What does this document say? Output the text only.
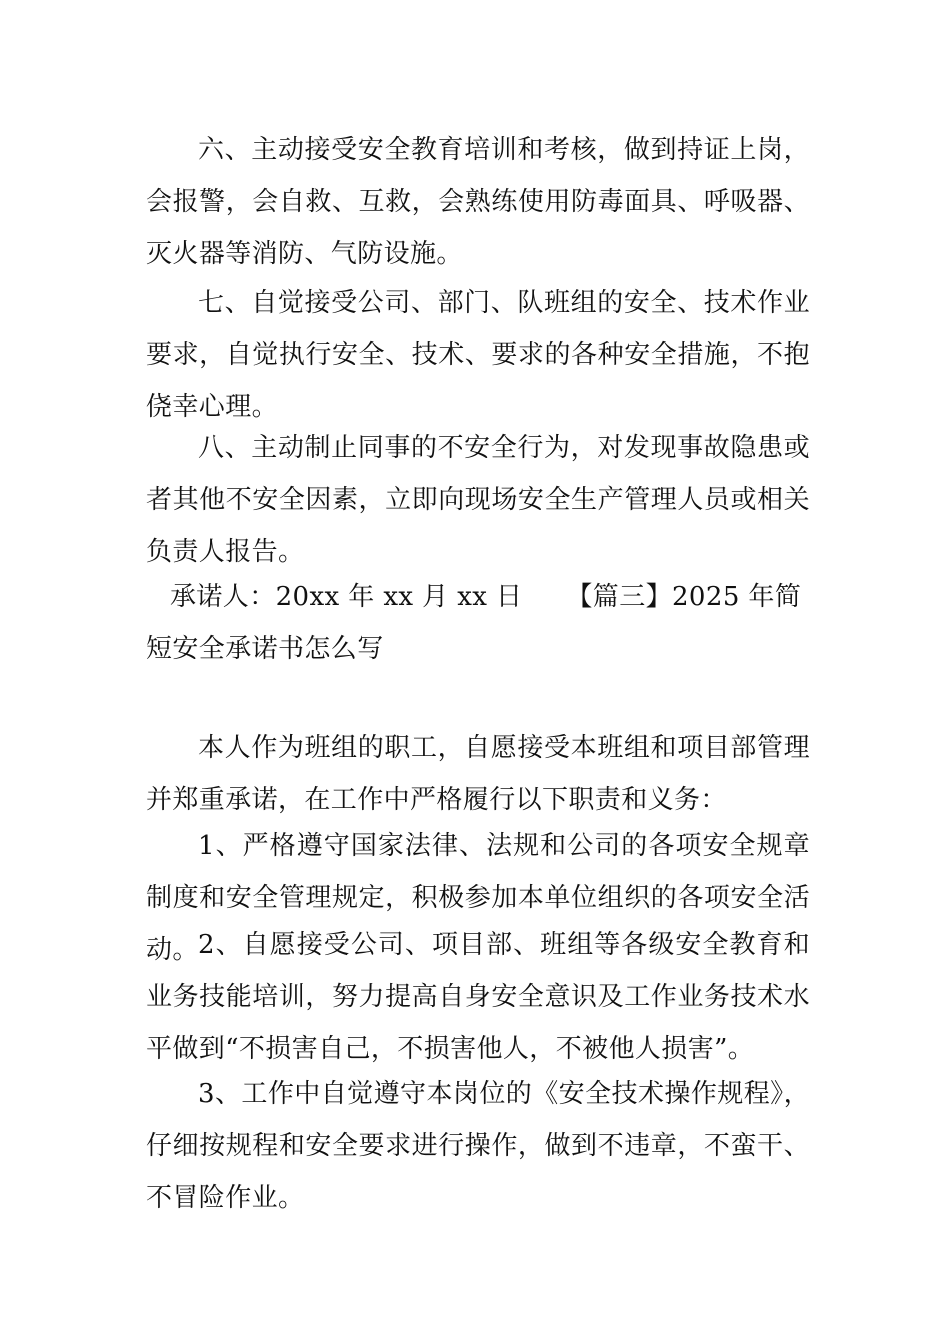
六、主动接受安全教育培训和考核，做到持证上岗，会报警，会自救、互救，会熟练使用防毒面具、呼吸器、灭火器等消防、气防设施。

七、自觉接受公司、部门、队班组的安全、技术作业要求，自觉执行安全、技术、要求的各种安全措施，不抱侥幸心理。

八、主动制止同事的不安全行为，对发现事故隐患或者其他不安全因素，立即向现场安全生产管理人员或相关负责人报告。

承诺人：20xx 年 xx 月 xx 日 【篇三】2025 年简短安全承诺书怎么写

本人作为班组的职工，自愿接受本班组和项目部管理并郑重承诺，在工作中严格履行以下职责和义务：

1、严格遵守国家法律、法规和公司的各项安全规章制度和安全管理规定，积极参加本单位组织的各项安全活动。 2、自愿接受公司、项目部、班组等各级安全教育和业务技能培训，努力提高自身安全意识及工作业务技术水平做到“不损害自己，不损害他人，不被他人损害”。

3、工作中自觉遵守本岗位的《安全技术操作规程》，仔细按规程和安全要求进行操作，做到不违章，不蛮干、不冒险作业。
